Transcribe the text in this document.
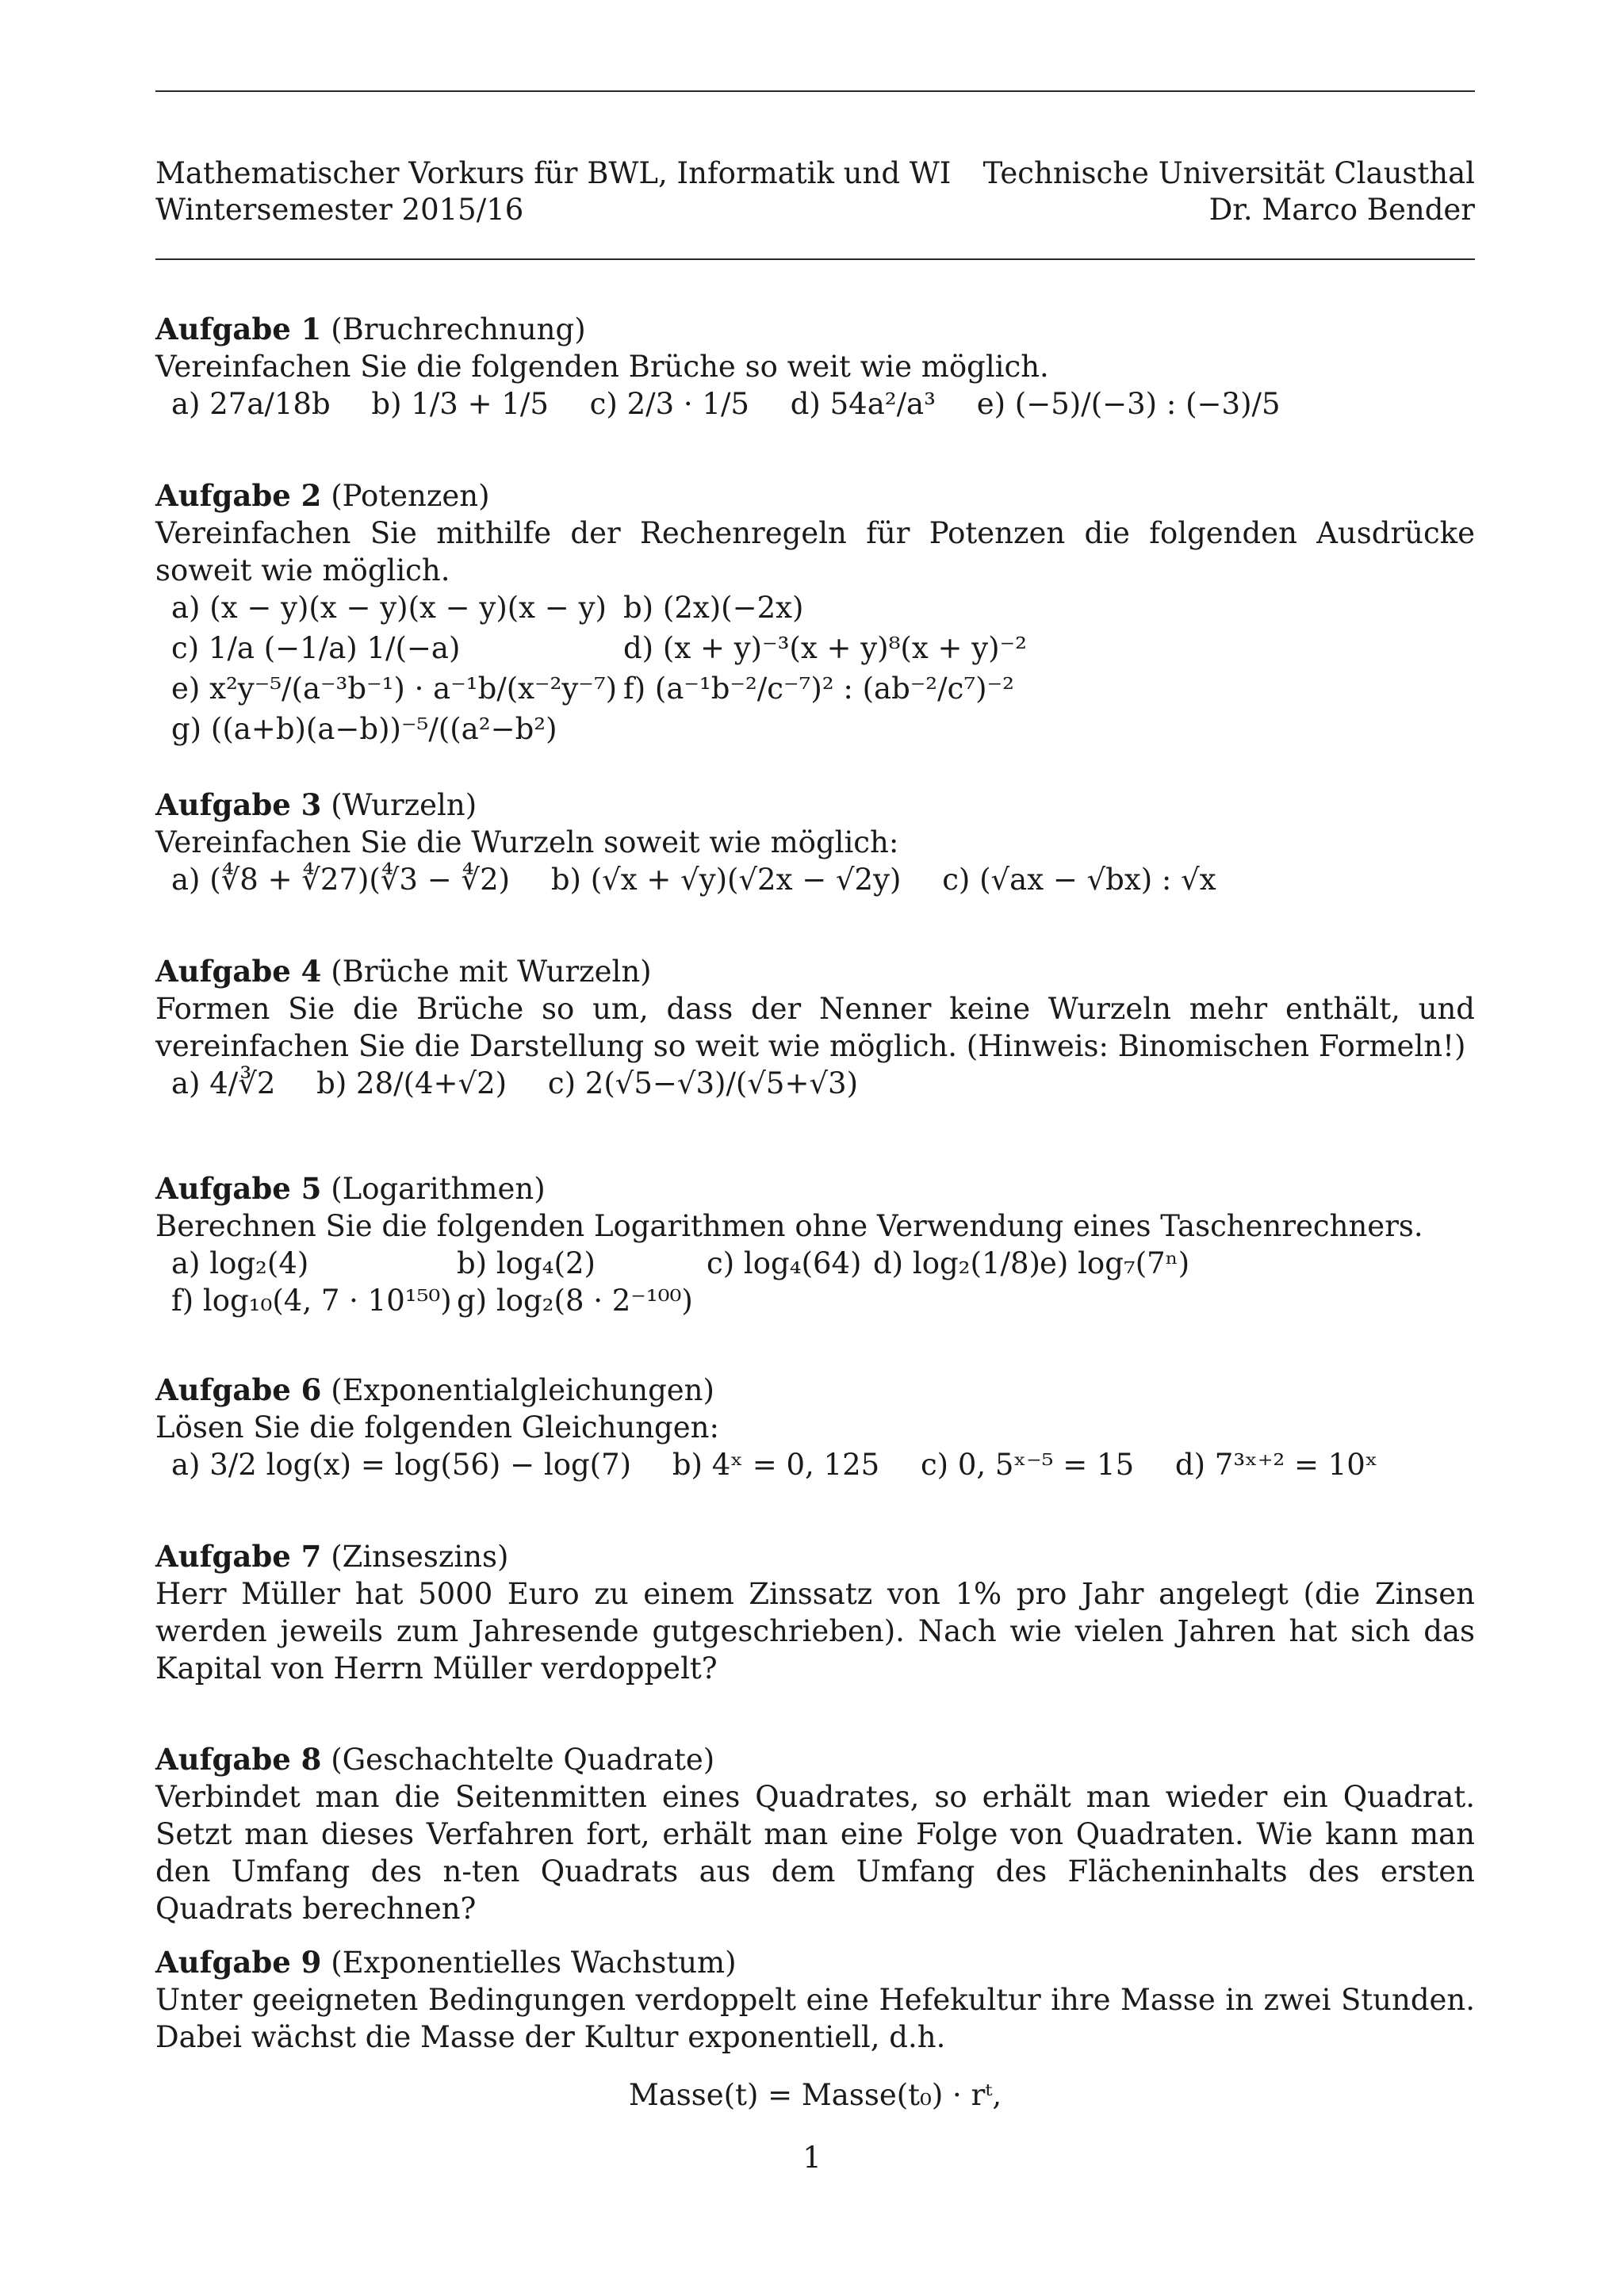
Mathematischer Vorkurs für BWL, Informatik und WI
Wintersemester 2015/16
Technische Universität Clausthal
Dr. Marco Bender
Aufgabe 1 (Bruchrechnung)
Vereinfachen Sie die folgenden Brüche so weit wie möglich.
a) 27a/18b b) 1/3 + 1/5 c) 2/3 · 1/5 d) 54a²/a³ e) (−5)/(−3) : (−3)/5
Aufgabe 2 (Potenzen)
Vereinfachen Sie mithilfe der Rechenregeln für Potenzen die folgenden Ausdrücke soweit wie möglich.
a) (x − y)(x − y)(x − y)(x − y) b) (2x)(−2x)
c) 1/a (−1/a) 1/(−a)	d) (x + y)⁻³(x + y)⁸(x + y)⁻²
e) x²y⁻⁵/(a⁻³b⁻¹) · a⁻¹b/(x⁻²y⁻⁷) f) (a⁻¹b⁻²/c⁻⁷)² : (ab⁻²/c⁷)⁻²
g) ((a+b)(a−b))⁻⁵/((a²−b²)
Aufgabe 3 (Wurzeln)
Vereinfachen Sie die Wurzeln soweit wie möglich:
a) (∜8 + ∜27)(∜3 − ∜2) b) (√x + √y)(√2x − √2y) c) (√ax − √bx) : √x
Aufgabe 4 (Brüche mit Wurzeln)
Formen Sie die Brüche so um, dass der Nenner keine Wurzeln mehr enthält, und vereinfachen Sie die Darstellung so weit wie möglich. (Hinweis: Binomischen Formeln!)
a) 4/∛2 b) 28/(4+√2) c) 2(√5−√3)/(√5+√3)
Aufgabe 5 (Logarithmen)
Berechnen Sie die folgenden Logarithmen ohne Verwendung eines Taschenrechners.
a) log₂(4)	b) log₄(2)	c) log₄(64) d) log₂(1/8) e) log₇(7ⁿ)
f) log₁₀(4, 7 · 10¹⁵⁰) g) log₂(8 · 2⁻¹⁰⁰)
Aufgabe 6 (Exponentialgleichungen)
Lösen Sie die folgenden Gleichungen:
a) 3/2 log(x) = log(56) − log(7) b) 4ˣ = 0, 125 c) 0, 5ˣ⁻⁵ = 15 d) 7³ˣ⁺² = 10ˣ
Aufgabe 7 (Zinseszins)
Herr Müller hat 5000 Euro zu einem Zinssatz von 1% pro Jahr angelegt (die Zinsen werden jeweils zum Jahresende gutgeschrieben). Nach wie vielen Jahren hat sich das Kapital von Herrn Müller verdoppelt?
Aufgabe 8 (Geschachtelte Quadrate)
Verbindet man die Seitenmitten eines Quadrates, so erhält man wieder ein Quadrat. Setzt man dieses Verfahren fort, erhält man eine Folge von Quadraten. Wie kann man den Umfang des n-ten Quadrats aus dem Umfang des Flächeninhalts des ersten Quadrats berechnen?
Aufgabe 9 (Exponentielles Wachstum)
Unter geeigneten Bedingungen verdoppelt eine Hefekultur ihre Masse in zwei Stunden. Dabei wächst die Masse der Kultur exponentiell, d.h.
Masse(t) = Masse(t₀) · rᵗ,
1
